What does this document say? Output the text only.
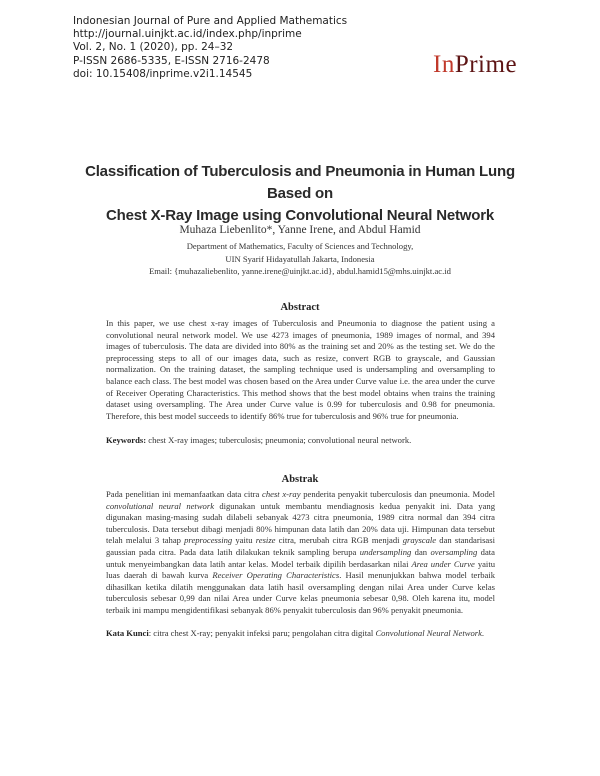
Indonesian Journal of Pure and Applied Mathematics
http://journal.uinjkt.ac.id/index.php/inprime
Vol. 2, No. 1 (2020), pp. 24–32
P-ISSN 2686-5335, E-ISSN 2716-2478
doi: 10.15408/inprime.v2i1.14545	InPrime
Classification of Tuberculosis and Pneumonia in Human Lung Based on
Chest X-Ray Image using Convolutional Neural Network
Muhaza Liebenlito*, Yanne Irene, and Abdul Hamid
Department of Mathematics, Faculty of Sciences and Technology,
UIN Syarif Hidayatullah Jakarta, Indonesia
Email: {muhazaliebenlito, yanne.irene@uinjkt.ac.id}, abdul.hamid15@mhs.uinjkt.ac.id
Abstract

In this paper, we use chest x-ray images of Tuberculosis and Pneumonia to diagnose the patient using a convolutional neural network model. We use 4273 images of pneumonia, 1989 images of normal, and 394 images of tuberculosis. The data are divided into 80% as the training set and 20% as the testing set. We do the preprocessing steps to all of our images data, such as resize, convert RGB to grayscale, and Gaussian normalization. On the training dataset, the sampling technique used is undersampling and oversampling to balance each class. The best model was chosen based on the Area under Curve value i.e. the area under the curve of Receiver Operating Characteristics. This method shows that the best model obtains when trains the training dataset using oversampling. The Area under Curve value is 0.99 for tuberculosis and 0.98 for pneumonia. Therefore, this best model succeeds to identify 86% true for tuberculosis and 96% true for pneumonia.

Keywords: chest X-ray images; tuberculosis; pneumonia; convolutional neural network.
Abstrak

Pada penelitian ini memanfaatkan data citra chest x-ray penderita penyakit tuberculosis dan pneumonia. Model convolutional neural network digunakan untuk membantu mendiagnosis kedua penyakit ini. Data yang digunakan masing-masing sudah dilabeli sebanyak 4273 citra pneumonia, 1989 citra normal dan 394 citra tuberculosis. Data tersebut dibagi menjadi 80% himpunan data latih dan 20% data uji. Himpunan data tersebut telah melalui 3 tahap preprocessing yaitu resize citra, merubah citra RGB menjadi grayscale dan standarisasi gaussian pada citra. Pada data latih dilakukan teknik sampling berupa undersampling dan oversampling data untuk menyeimbangkan data latih antar kelas. Model terbaik dipilih berdasarkan nilai Area under Curve yaitu luas daerah di bawah kurva Receiver Operating Characteristics. Hasil menunjukkan bahwa model terbaik dihasilkan ketika dilatih menggunakan data latih hasil oversampling dengan nilai Area under Curve kelas tuberculosis sebesar 0,99 dan nilai Area under Curve kelas pneumonia sebesar 0,98. Oleh karena itu, model terbaik ini mampu mengidentifikasi sebanyak 86% penyakit tuberculosis dan 96% penyakit pneumonia.

Kata Kunci: citra chest X-ray; penyakit infeksi paru; pengolahan citra digital Convolutional Neural Network.
